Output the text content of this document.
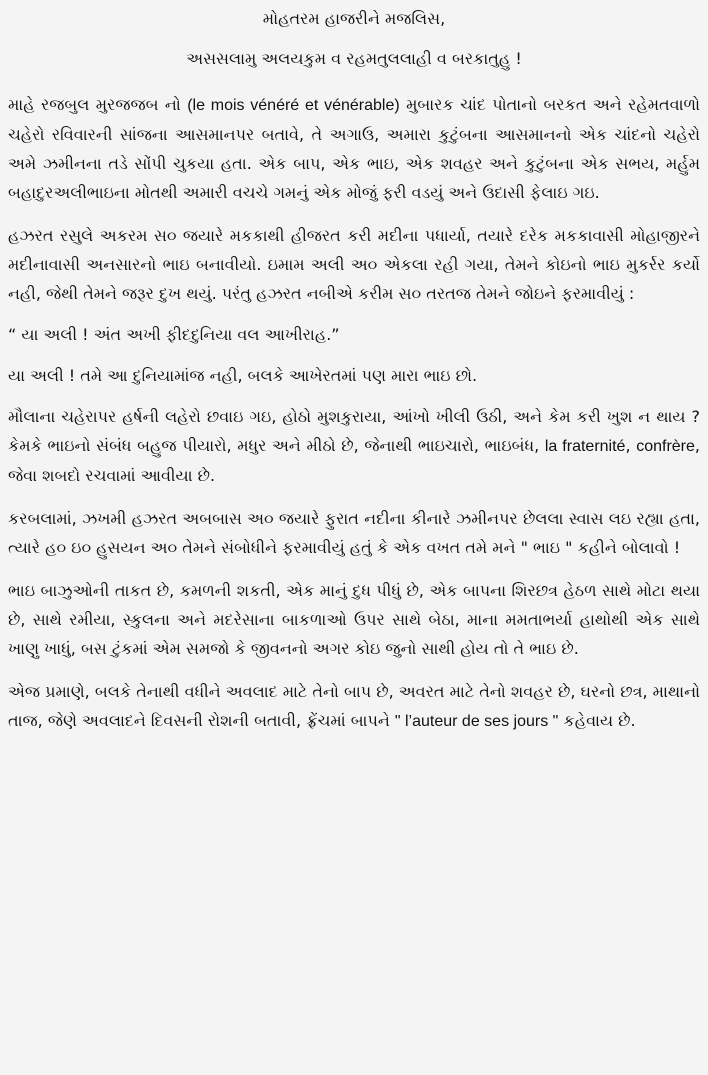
મોહતરમ હાજરીને મજલિસ,

અસસલામુ અલયકુમ વ રહમતુલલાહી વ બરકાતુહુ !

માહે રજબુલ મુરજજબ નો (le mois vénéré et vénérable) મુબારક ચાંદ પોતાનો બરકત અને રહેમતવાળો ચહેરો રવિવારની સાંજના આસમાનપર બતાવે, તે અગાઉ, અમારા કુટુંબના આસમાનનો એક ચાંદનો ચહેરો અમે ઝમીનના તડે સોંપી ચુકયા હતા. એક બાપ, એક ભાઇ, એક શવહર અને કુટુંબના એક સભય, મર્હુમ બહાદુરઅલીભાઇના મોતથી અમારી વચચે ગમનું એક મોજું ફરી વડયું અને ઉદાસી ફેલાઇ ગઇ.

હઝરત રસુલે અકરમ સ૦ જયારે મકકાથી હીજરત કરી મદીના પધાર્યા, તયારે દરેક મકકાવાસી મોહાજીરને મદીનાવાસી અનસારનો ભાઇ બનાવીયો. ઇમામ અલી અ૦ એકલા રહી ગયા, તેમને કોઇનો ભાઇ મુકર્રર કર્યો નહી, જેથી તેમને જરૂર દુખ થયું. પરંતુ હઝરત નબીએ કરીમ સ૦ તરતજ તેમને જોઇને ફરમાવીયું :

“ યા અલી ! અંત અખી ફીદદુનિયા વલ આખીરાહ.”

યા અલી ! તમે આ દુનિયામાંજ નહી, બલકે આખેરતમાં પણ મારા ભાઇ છો.

મૌલાના ચહેરાપર હર્ષની લહેરો છવાઇ ગઇ, હોઠો મુશકુરાયા, આંખો ખીલી ઉઠી, અને કેમ કરી ખુશ ન થાય ? કેમકે ભાઇનો સંબંધ બહુજ પીયારો, મધુર અને મીઠો છે, જેનાથી ભાઇચારો, ભાઇબંધ, la fraternité, confrère, જેવા શબદો રચવામાં આવીયા છે.

કરબલામાં, ઝખમી હઝરત અબબાસ અ૦ જયારે ફુરાત નદીના કીનારે ઝમીનપર છેલલા સ્વાસ લઇ રહ્યા હતા, ત્યારે હ૦ ઇ૦ હુસયન અ૦ તેમને સંબોધીને ફરમાવીયું હતું કે એક વખત તમે મને " ભાઇ " કહીને બોલાવો !

ભાઇ બાઝુઓની તાકત છે, કમળની શકતી, એક માનું દુધ પીધું છે, એક બાપના શિરછત્ર હેઠળ સાથે મોટા થયા છે, સાથે રમીયા, સ્કુલના અને મદરેસાના બાકળાઓ ઉપર સાથે બેઠા, માના મમતાભર્યા હાથોથી એક સાથે ખાણુ ખાધું, બસ ટુંકમાં એમ સમજો કે જીવનનો અગર કોઇ જુનો સાથી હોય તો તે ભાઇ છે.

એજ પ્રમાણે, બલકે તેનાથી વધીને અવલાદ માટે તેનો બાપ છે, અવરત માટે તેનો શવહર છે, ઘરનો છત્ર, માથાનો તાજ, જેણે અવલાદને દિવસની રોશની બતાવી, ફ્રેંચમાં બાપને " l’auteur de ses jours " કહેવાય છે.
